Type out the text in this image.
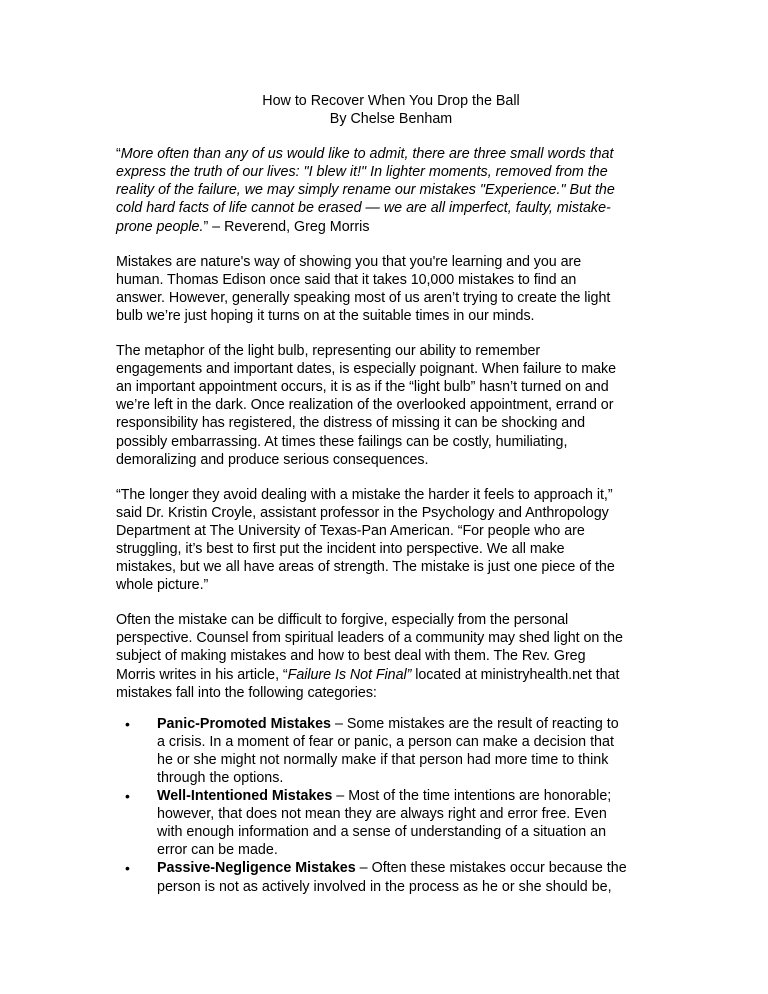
How to Recover When You Drop the Ball
By Chelse Benham

“More often than any of us would like to admit, there are three small words that
express the truth of our lives: "I blew it!" In lighter moments, removed from the
reality of the failure, we may simply rename our mistakes "Experience." But the
cold hard facts of life cannot be erased — we are all imperfect, faulty, mistake-
prone people.” – Reverend, Greg Morris

Mistakes are nature's way of showing you that you're learning and you are
human. Thomas Edison once said that it takes 10,000 mistakes to find an
answer. However, generally speaking most of us aren’t trying to create the light
bulb we’re just hoping it turns on at the suitable times in our minds.

The metaphor of the light bulb, representing our ability to remember
engagements and important dates, is especially poignant. When failure to make
an important appointment occurs, it is as if the “light bulb” hasn’t turned on and
we’re left in the dark. Once realization of the overlooked appointment, errand or
responsibility has registered, the distress of missing it can be shocking and
possibly embarrassing. At times these failings can be costly, humiliating,
demoralizing and produce serious consequences.

“The longer they avoid dealing with a mistake the harder it feels to approach it,”
said Dr. Kristin Croyle, assistant professor in the Psychology and Anthropology
Department at The University of Texas-Pan American. “For people who are
struggling, it’s best to first put the incident into perspective. We all make
mistakes, but we all have areas of strength. The mistake is just one piece of the
whole picture.”

Often the mistake can be difficult to forgive, especially from the personal
perspective. Counsel from spiritual leaders of a community may shed light on the
subject of making mistakes and how to best deal with them. The Rev. Greg
Morris writes in his article, “Failure Is Not Final” located at ministryhealth.net that
mistakes fall into the following categories:

• Panic-Promoted Mistakes – Some mistakes are the result of reacting to
a crisis. In a moment of fear or panic, a person can make a decision that
he or she might not normally make if that person had more time to think
through the options.
• Well-Intentioned Mistakes – Most of the time intentions are honorable;
however, that does not mean they are always right and error free. Even
with enough information and a sense of understanding of a situation an
error can be made.
• Passive-Negligence Mistakes – Often these mistakes occur because the
person is not as actively involved in the process as he or she should be,
